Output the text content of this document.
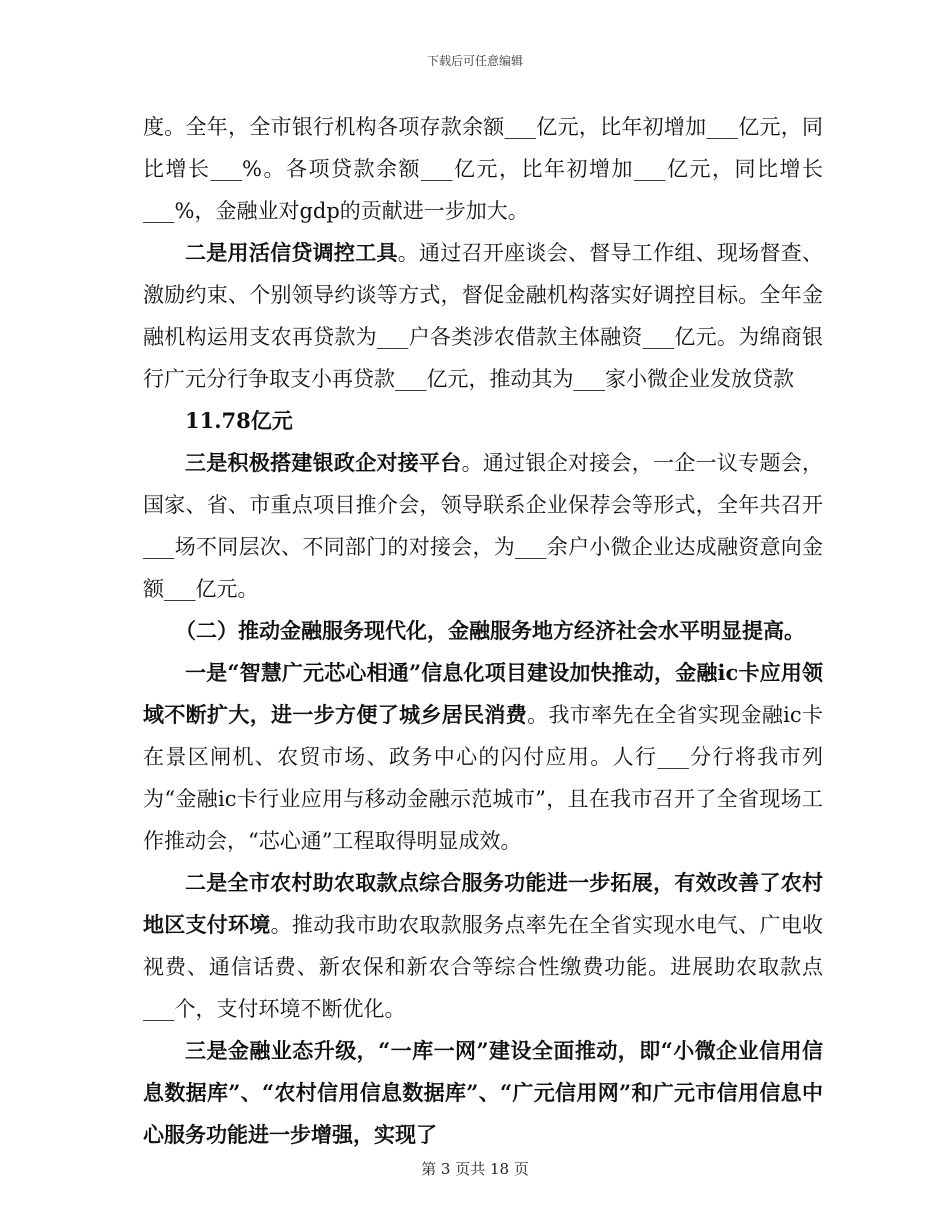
下载后可任意编辑

度。全年，全市银行机构各项存款余额___亿元，比年初增加___亿元，同比增长___%。各项贷款余额___亿元，比年初增加___亿元，同比增长___%，金融业对gdp的贡献进一步加大。

二是用活信贷调控工具。通过召开座谈会、督导工作组、现场督查、激励约束、个别领导约谈等方式，督促金融机构落实好调控目标。全年金融机构运用支农再贷款为___户各类涉农借款主体融资___亿元。为绵商银行广元分行争取支小再贷款___亿元，推动其为___家小微企业发放贷款

11.78亿元

三是积极搭建银政企对接平台。通过银企对接会，一企一议专题会，国家、省、市重点项目推介会，领导联系企业保荐会等形式，全年共召开___场不同层次、不同部门的对接会，为___余户小微企业达成融资意向金额___亿元。

（二）推动金融服务现代化，金融服务地方经济社会水平明显提高。

一是“智慧广元芯心相通”信息化项目建设加快推动，金融ic卡应用领域不断扩大，进一步方便了城乡居民消费。我市率先在全省实现金融ic卡在景区闸机、农贸市场、政务中心的闪付应用。人行___分行将我市列为“金融ic卡行业应用与移动金融示范城市”，且在我市召开了全省现场工作推动会，“芯心通”工程取得明显成效。

二是全市农村助农取款点综合服务功能进一步拓展，有效改善了农村地区支付环境。推动我市助农取款服务点率先在全省实现水电气、广电收视费、通信话费、新农保和新农合等综合性缴费功能。进展助农取款点___个，支付环境不断优化。

三是金融业态升级，“一库一网”建设全面推动，即“小微企业信用信息数据库”、“农村信用信息数据库”、“广元信用网”和广元市信用信息中心服务功能进一步增强，实现了

第 3 页共 18 页
